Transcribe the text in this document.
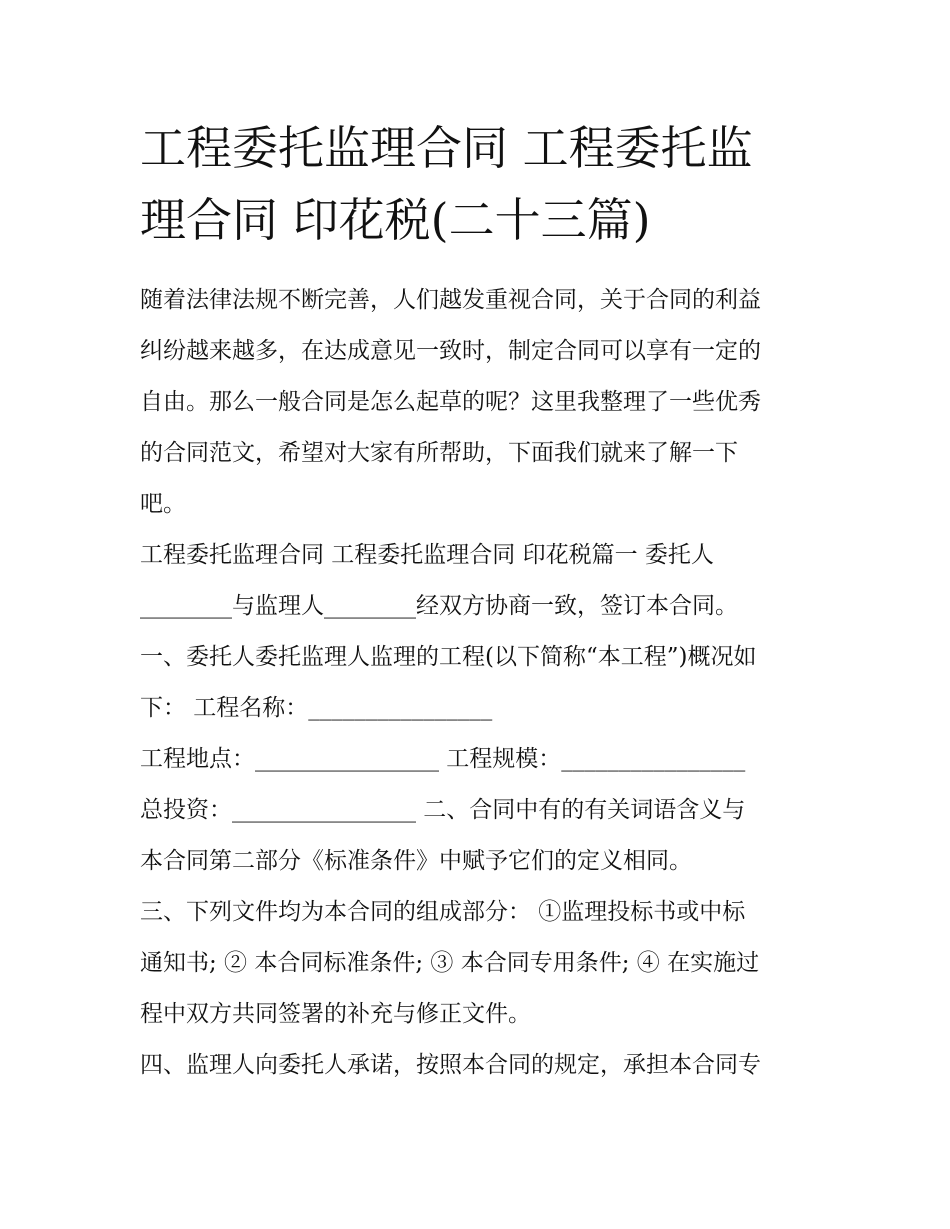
工程委托监理合同 工程委托监
理合同 印花税(二十三篇)
随着法律法规不断完善，人们越发重视合同，关于合同的利益
纠纷越来越多，在达成意见一致时，制定合同可以享有一定的
自由。那么一般合同是怎么起草的呢？这里我整理了一些优秀
的合同范文，希望对大家有所帮助，下面我们就来了解一下
吧。
工程委托监理合同 工程委托监理合同 印花税篇一 委托人
________与监理人________经双方协商一致，签订本合同。
一、委托人委托监理人监理的工程(以下简称“本工程”)概况如
下： 工程名称：________________
工程地点：________________ 工程规模：________________
总投资：________________ 二、合同中有的有关词语含义与
本合同第二部分《标准条件》中赋予它们的定义相同。
三、下列文件均为本合同的组成部分： ①监理投标书或中标
通知书; ② 本合同标准条件; ③ 本合同专用条件; ④ 在实施过
程中双方共同签署的补充与修正文件。
四、监理人向委托人承诺，按照本合同的规定，承担本合同专
